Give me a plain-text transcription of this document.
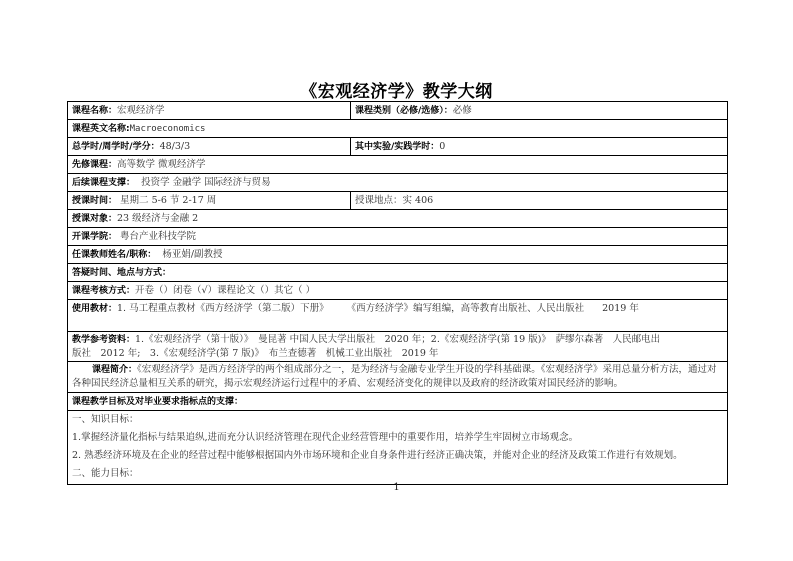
《宏观经济学》教学大纲
课程名称：宏观经济学	课程类别（必修/选修）：必修
课程英文名称:Macroeconomics	
总学时/周学时/学分：48/3/3	其中实验/实践学时：0
先修课程：高等数学 微观经济学	
后续课程支撑： 投资学 金融学 国际经济与贸易	
授课时间： 星期二 5-6 节 2-17 周	授课地点：实 406
授课对象：23 级经济与金融 2	
开课学院： 粤台产业科技学院	
任课教师姓名/职称： 杨亚娟/副教授	
答疑时间、地点与方式：	
课程考核方式：开卷（）闭卷（√）课程论文（）其它（ ）	
使用教材：1. 马工程重点教材《西方经济学（第二版）下册》 《西方经济学》编写组编，高等教育出版社、人民出版社 2019 年	
教学参考资料：1.《宏观经济学（第十版）》　曼昆著 中国人民大学出版社　2020 年；2.《宏观经济学(第 19 版)》　萨缪尔森著　人民邮电出
版社　2012 年;　3.《宏观经济学(第 7 版)》　布兰查德著　机械工业出版社　2019 年	
课程简介：《宏观经济学》是西方经济学的两个组成部分之一，是为经济与金融专业学生开设的学科基础课。《宏观经济学》采用总量分析方法，通过对各种国民经济总量相互关系的研究，揭示宏观经济运行过程中的矛盾、宏观经济变化的规律以及政府的经济政策对国民经济的影响。	
课程教学目标及对毕业要求指标点的支撑：	

一、知识目标：
1.掌握经济量化指标与结果追纵,进而充分认识经济管理在现代企业经营管理中的重要作用，培养学生牢固树立市场观念。
2. 熟悉经济环境及在企业的经营过程中能够根据国内外市场环境和企业自身条件进行经济正确决策，并能对企业的经济及政策工作进行有效规划。
二、能力目标：	
1
